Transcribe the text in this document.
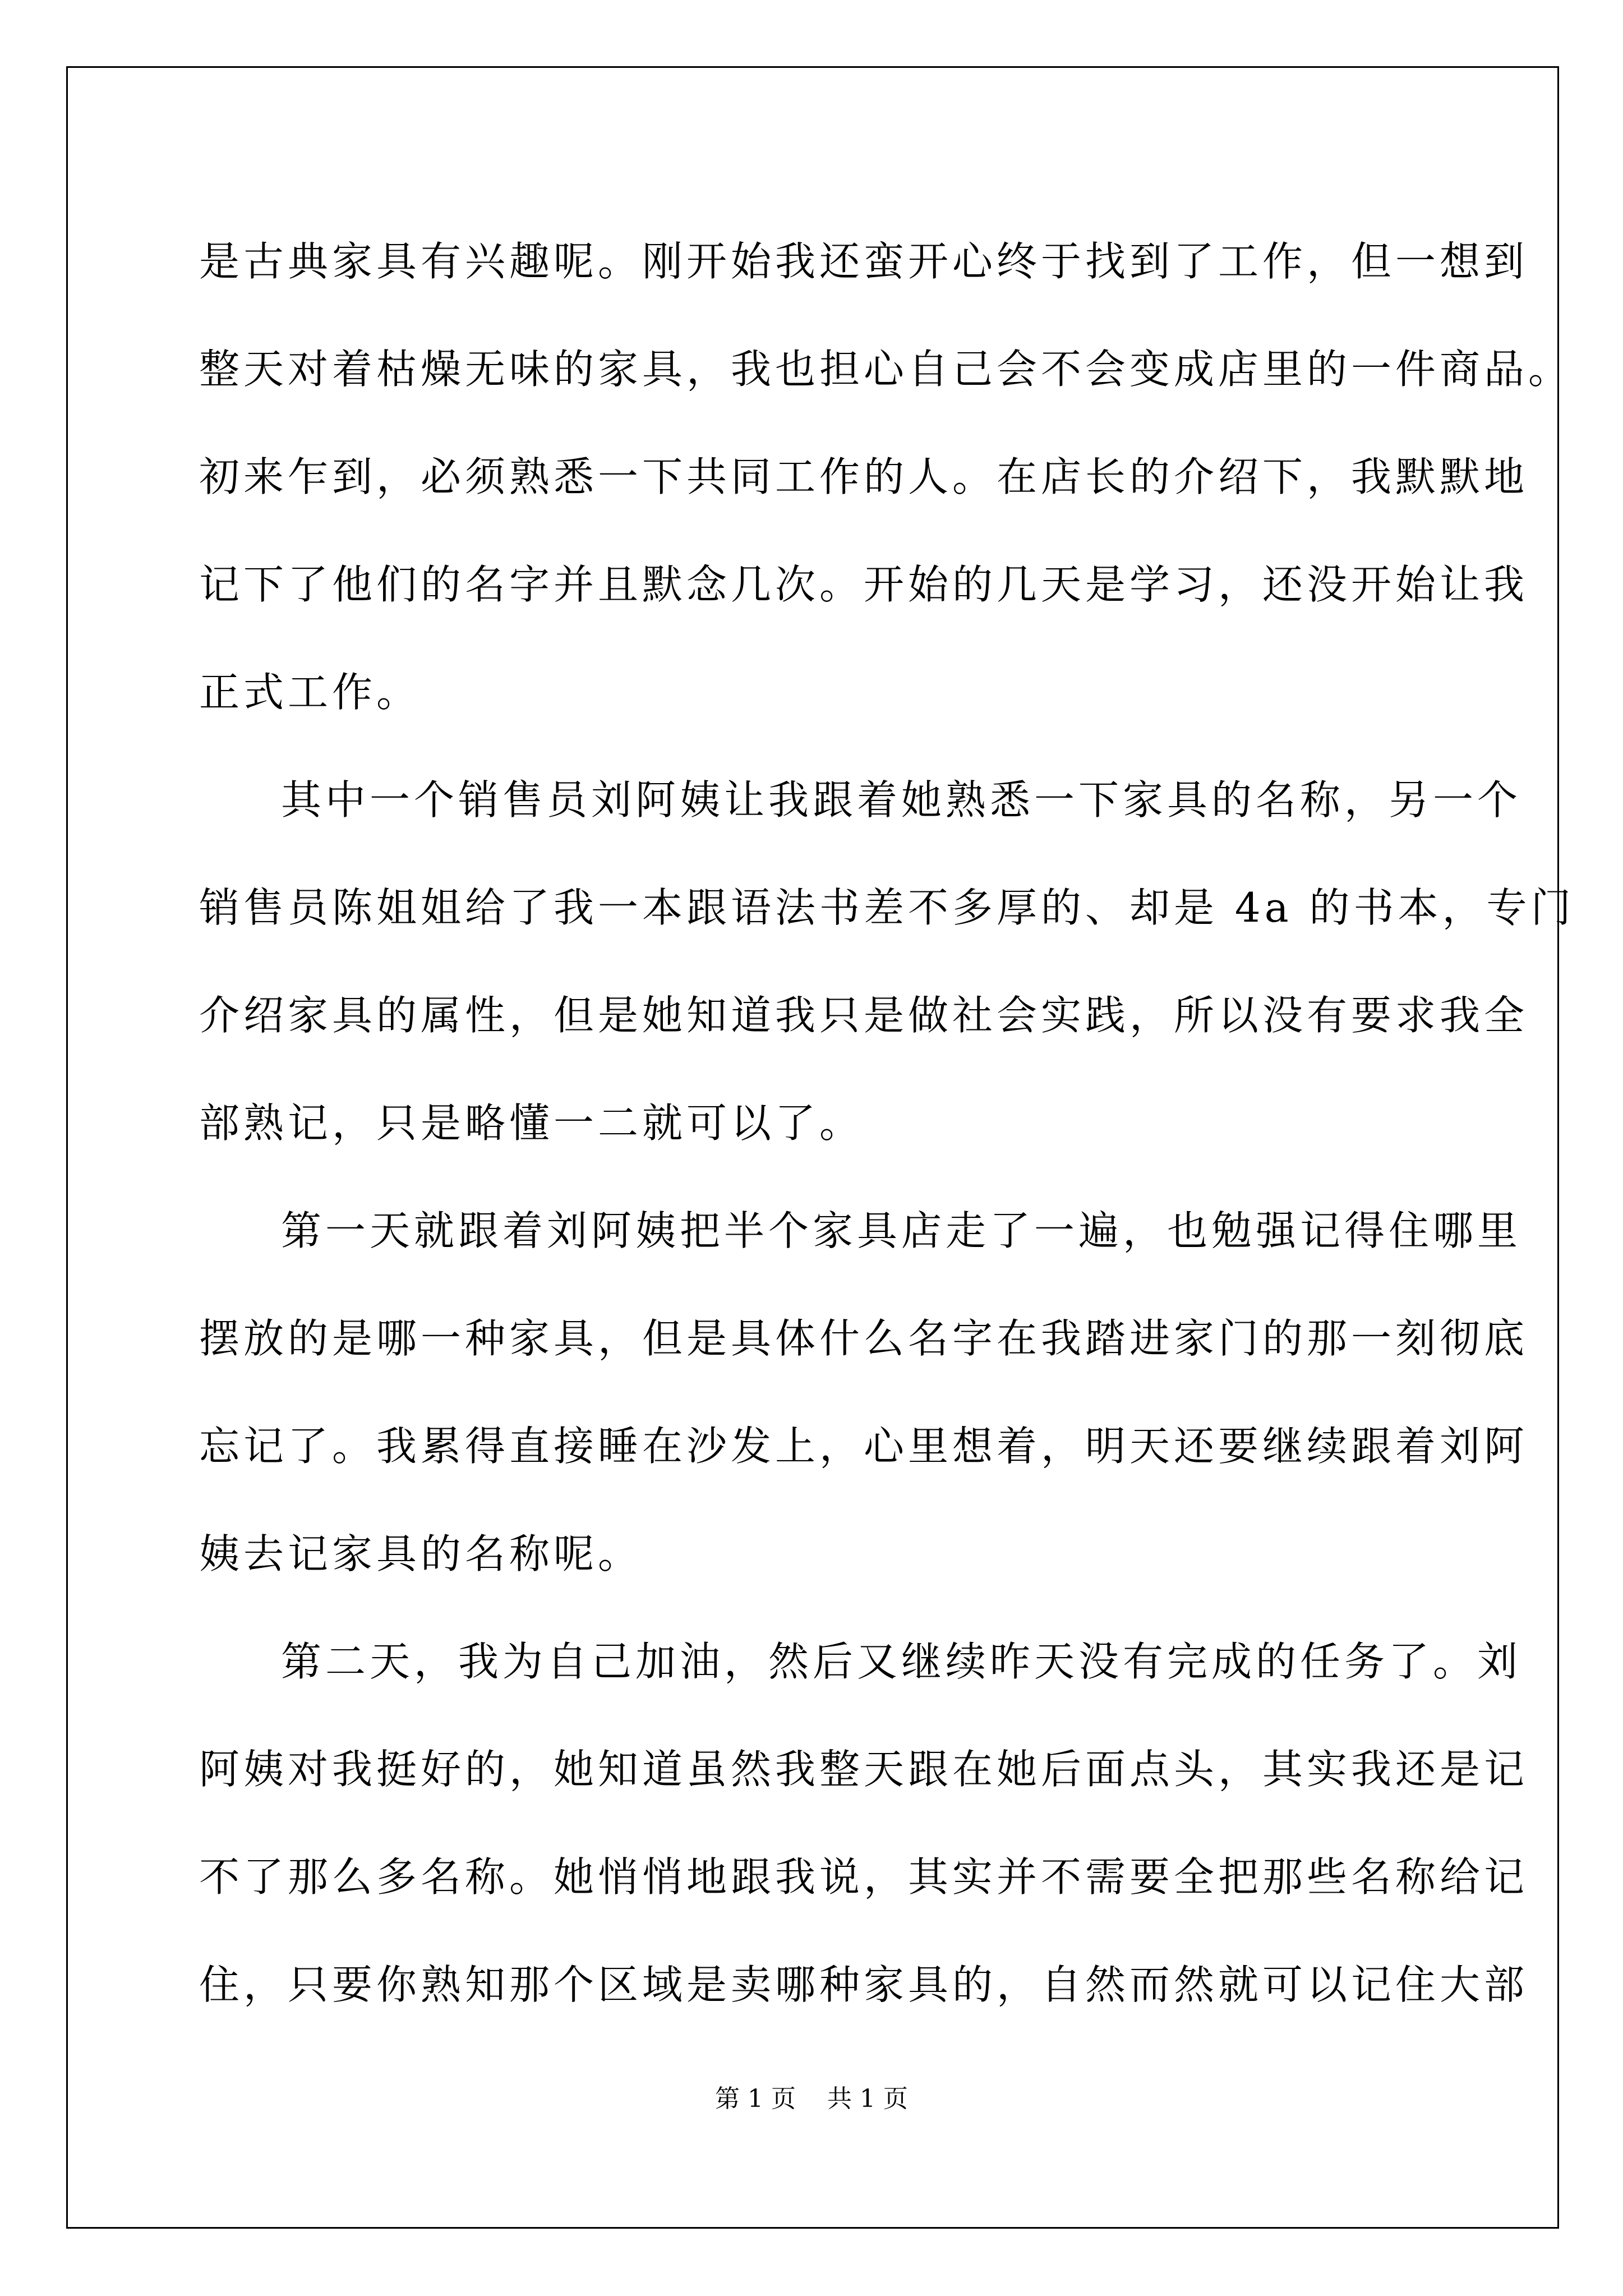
是古典家具有兴趣呢。刚开始我还蛮开心终于找到了工作，但一想到
整天对着枯燥无味的家具，我也担心自己会不会变成店里的一件商品。
初来乍到，必须熟悉一下共同工作的人。在店长的介绍下，我默默地
记下了他们的名字并且默念几次。开始的几天是学习，还没开始让我
正式工作。
其中一个销售员刘阿姨让我跟着她熟悉一下家具的名称，另一个
销售员陈姐姐给了我一本跟语法书差不多厚的、却是 4a 的书本，专门
介绍家具的属性，但是她知道我只是做社会实践，所以没有要求我全
部熟记，只是略懂一二就可以了。
第一天就跟着刘阿姨把半个家具店走了一遍，也勉强记得住哪里
摆放的是哪一种家具，但是具体什么名字在我踏进家门的那一刻彻底
忘记了。我累得直接睡在沙发上，心里想着，明天还要继续跟着刘阿
姨去记家具的名称呢。
第二天，我为自己加油，然后又继续昨天没有完成的任务了。刘
阿姨对我挺好的，她知道虽然我整天跟在她后面点头，其实我还是记
不了那么多名称。她悄悄地跟我说，其实并不需要全把那些名称给记
住，只要你熟知那个区域是卖哪种家具的，自然而然就可以记住大部
第 1 页    共 1 页
